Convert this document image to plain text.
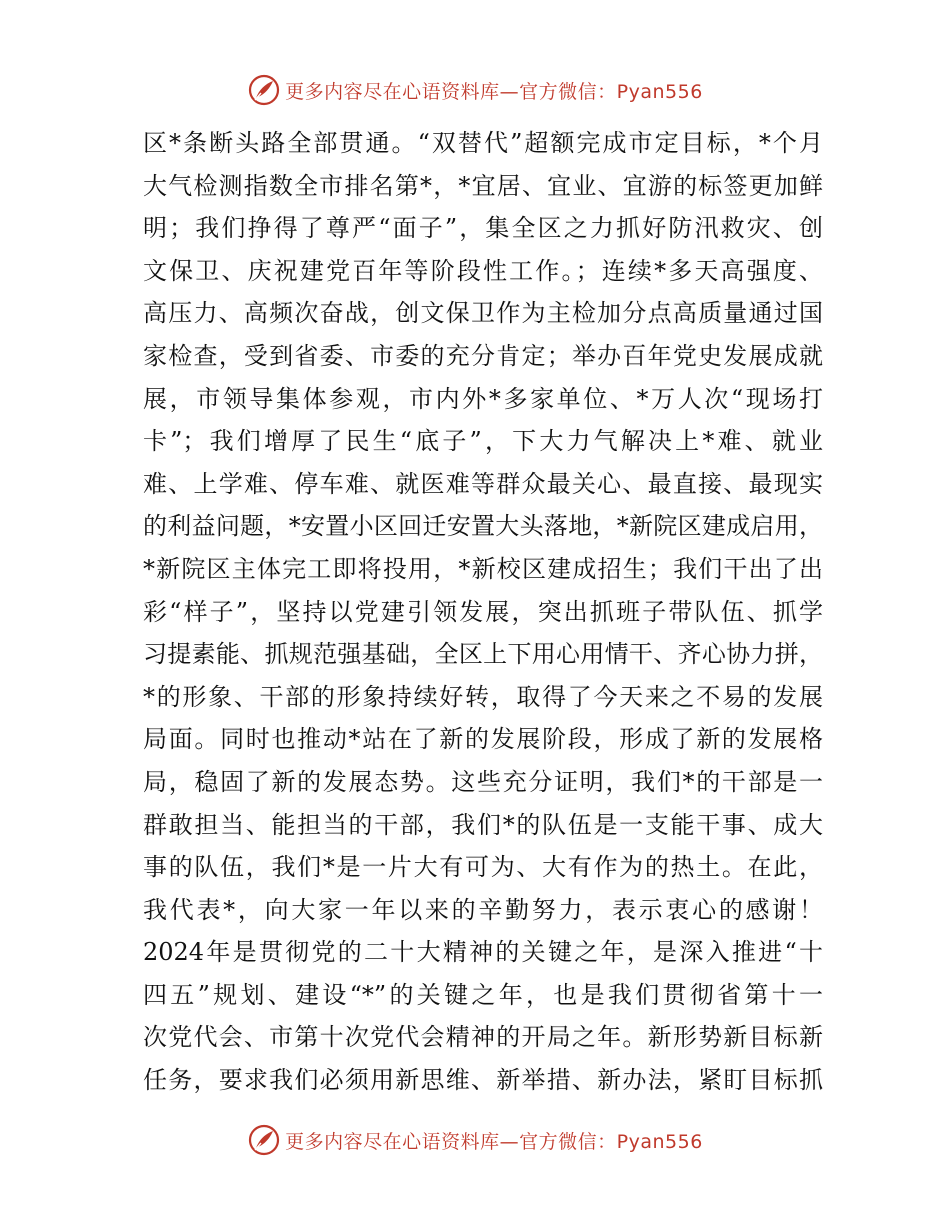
更多内容尽在心语资料库—官方微信：Pyan556
区*条断头路全部贯通。“双替代”超额完成市定目标，*个月
大气检测指数全市排名第*，*宜居、宜业、宜游的标签更加鲜
明；我们挣得了尊严“面子”，集全区之力抓好防汛救灾、创
文保卫、庆祝建党百年等阶段性工作。；连续*多天高强度、
高压力、高频次奋战，创文保卫作为主检加分点高质量通过国
家检查，受到省委、市委的充分肯定；举办百年党史发展成就
展，市领导集体参观，市内外*多家单位、*万人次“现场打
卡”；我们增厚了民生“底子”，下大力气解决上*难、就业
难、上学难、停车难、就医难等群众最关心、最直接、最现实
的利益问题，*安置小区回迁安置大头落地，*新院区建成启用，
*新院区主体完工即将投用，*新校区建成招生；我们干出了出
彩“样子”，坚持以党建引领发展，突出抓班子带队伍、抓学
习提素能、抓规范强基础，全区上下用心用情干、齐心协力拼，
*的形象、干部的形象持续好转，取得了今天来之不易的发展
局面。同时也推动*站在了新的发展阶段，形成了新的发展格
局，稳固了新的发展态势。这些充分证明，我们*的干部是一
群敢担当、能担当的干部，我们*的队伍是一支能干事、成大
事的队伍，我们*是一片大有可为、大有作为的热土。在此，
我代表*，向大家一年以来的辛勤努力，表示衷心的感谢！
2024年是贯彻党的二十大精神的关键之年，是深入推进“十
四五”规划、建设“*”的关键之年，也是我们贯彻省第十一
次党代会、市第十次党代会精神的开局之年。新形势新目标新
任务，要求我们必须用新思维、新举措、新办法，紧盯目标抓
更多内容尽在心语资料库—官方微信：Pyan556
